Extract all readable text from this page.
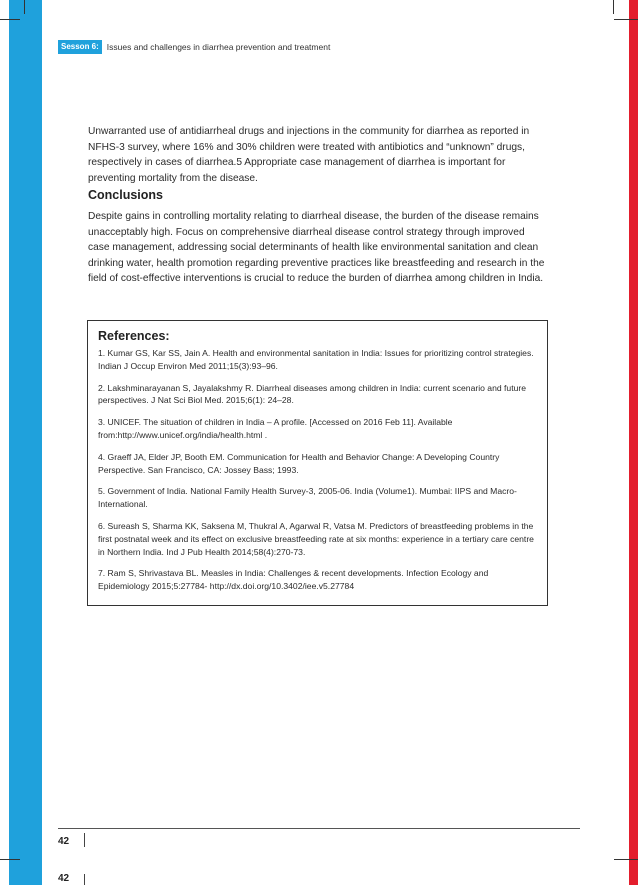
Sesson 6: Issues and challenges in diarrhea prevention and treatment

Unwarranted use of antidiarrheal drugs and injections in the community for diarrhea as reported in NFHS-3 survey, where 16% and 30% children were treated with antibiotics and “unknown” drugs, respectively in cases of diarrhea.5 Appropriate case management of diarrhea is important for preventing mortality from the disease.

Conclusions

Despite gains in controlling mortality relating to diarrheal disease, the burden of the disease remains unacceptably high. Focus on comprehensive diarrheal disease control strategy through improved case management, addressing social determinants of health like environmental sanitation and clean drinking water, health promotion regarding preventive practices like breastfeeding and research in the field of cost-effective interventions is crucial to reduce the burden of diarrhea among children in India.

References:

1. Kumar GS, Kar SS, Jain A. Health and environmental sanitation in India: Issues for prioritizing control strategies. Indian J Occup Environ Med 2011;15(3):93–96.

2. Lakshminarayanan S, Jayalakshmy R. Diarrheal diseases among children in India: current scenario and future perspectives. J Nat Sci Biol Med. 2015;6(1): 24–28.

3. UNICEF. The situation of children in India – A profile. [Accessed on 2016 Feb 11]. Available from:http://www.unicef.org/india/health.html .

4. Graeff JA, Elder JP, Booth EM. Communication for Health and Behavior Change: A Developing Country Perspective. San Francisco, CA: Jossey Bass; 1993.

5. Government of India. National Family Health Survey-3, 2005-06. India (Volume1). Mumbai: IIPS and Macro-International.

6. Sureash S, Sharma KK, Saksena M, Thukral A, Agarwal R, Vatsa M. Predictors of breastfeeding problems in the first postnatal week and its effect on exclusive breastfeeding rate at six months: experience in a tertiary care centre in Northern India. Ind J Pub Health 2014;58(4):270-73.

7. Ram S, Shrivastava BL. Measles in India: Challenges & recent developments. Infection Ecology and Epidemiology 2015;5:27784- http://dx.doi.org/10.3402/iee.v5.27784

42
42
